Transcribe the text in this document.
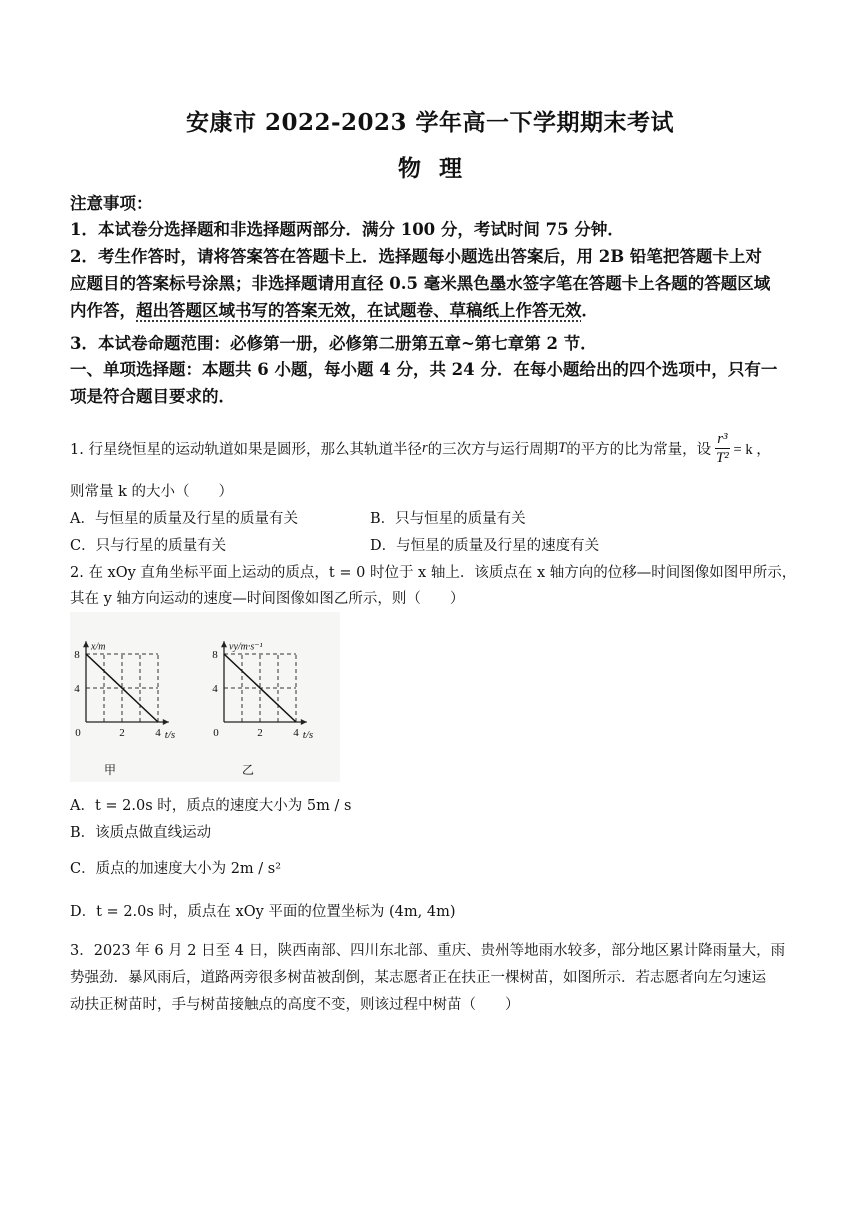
安康市 2022-2023 学年高一下学期期末考试
物理
注意事项：
1．本试卷分选择题和非选择题两部分．满分 100 分，考试时间 75 分钟．
2．考生作答时，请将答案答在答题卡上．选择题每小题选出答案后，用 2B 铅笔把答题卡上对
应题目的答案标号涂黑；非选择题请用直径 0.5 毫米黑色墨水签字笔在答题卡上各题的答题区域
内作答，超出答题区域书写的答案无效，在试题卷、草稿纸上作答无效．
3．本试卷命题范围：必修第一册，必修第二册第五章~第七章第 2 节．
一、单项选择题：本题共 6 小题，每小题 4 分，共 24 分．在每小题给出的四个选项中，只有一
项是符合题目要求的．
1. 行星绕恒星的运动轨道如果是圆形，那么其轨道半径 r 的三次方与运行周期 T 的平方的比为常量，设 $\frac{\text{r³}}{\text{T²}} = k$ ，
则常量 k 的大小（　　）
A．与恒星的质量及行星的质量有关	B．只与恒星的质量有关
C．只与行星的质量有关	D．与恒星的质量及行星的速度有关
2. 在 xOy 直角坐标平面上运动的质点，t = 0 时位于 x 轴上．该质点在 x 轴方向的位移—时间图像如图甲所示，
其在 y 轴方向运动的速度—时间图像如图乙所示，则（　　）
0	2	4
4
8
t/s
x/m
甲
0	2	4
4
8
t/s
vy/m·s⁻¹
乙
A．t = 2.0s 时，质点的速度大小为 5m / s
B．该质点做直线运动
C．质点的加速度大小为 2m / s²
D．t = 2.0s 时，质点在 xOy 平面的位置坐标为 (4m, 4m)
3．2023 年 6 月 2 日至 4 日，陕西南部、四川东北部、重庆、贵州等地雨水较多，部分地区累计降雨量大，雨
势强劲．暴风雨后，道路两旁很多树苗被刮倒，某志愿者正在扶正一棵树苗，如图所示．若志愿者向左匀速运
动扶正树苗时，手与树苗接触点的高度不变，则该过程中树苗（　　）
